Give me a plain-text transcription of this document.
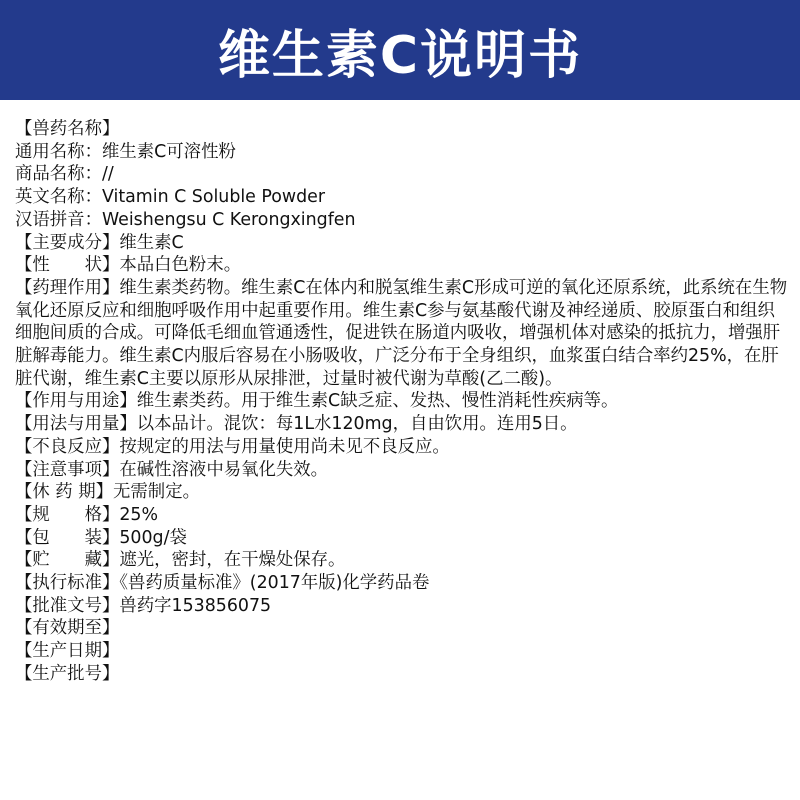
维生素C说明书
【兽药名称】
通用名称：维生素C可溶性粉
商品名称：//
英文名称：Vitamin C Soluble Powder
汉语拼音：Weishengsu C Kerongxingfen
【主要成分】维生素C
【性　　状】本品白色粉末。
【药理作用】维生素类药物。维生素C在体内和脱氢维生素C形成可逆的氧化还原系统，此系统在生物氧化还原反应和细胞呼吸作用中起重要作用。维生素C参与氨基酸代谢及神经递质、胶原蛋白和组织细胞间质的合成。可降低毛细血管通透性，促进铁在肠道内吸收，增强机体对感染的抵抗力，增强肝脏解毒能力。维生素C内服后容易在小肠吸收，广泛分布于全身组织，血浆蛋白结合率约25%，在肝脏代谢，维生素C主要以原形从尿排泄，过量时被代谢为草酸(乙二酸)。
【作用与用途】维生素类药。用于维生素C缺乏症、发热、慢性消耗性疾病等。
【用法与用量】以本品计。混饮：每1L水120mg，自由饮用。连用5日。
【不良反应】按规定的用法与用量使用尚未见不良反应。
【注意事项】在碱性溶液中易氧化失效。
【休 药 期】无需制定。
【规　　格】25%
【包　　装】500g/袋
【贮　　藏】遮光，密封，在干燥处保存。
【执行标准】《兽药质量标准》(2017年版)化学药品卷
【批准文号】兽药字153856075
【有效期至】
【生产日期】
【生产批号】
